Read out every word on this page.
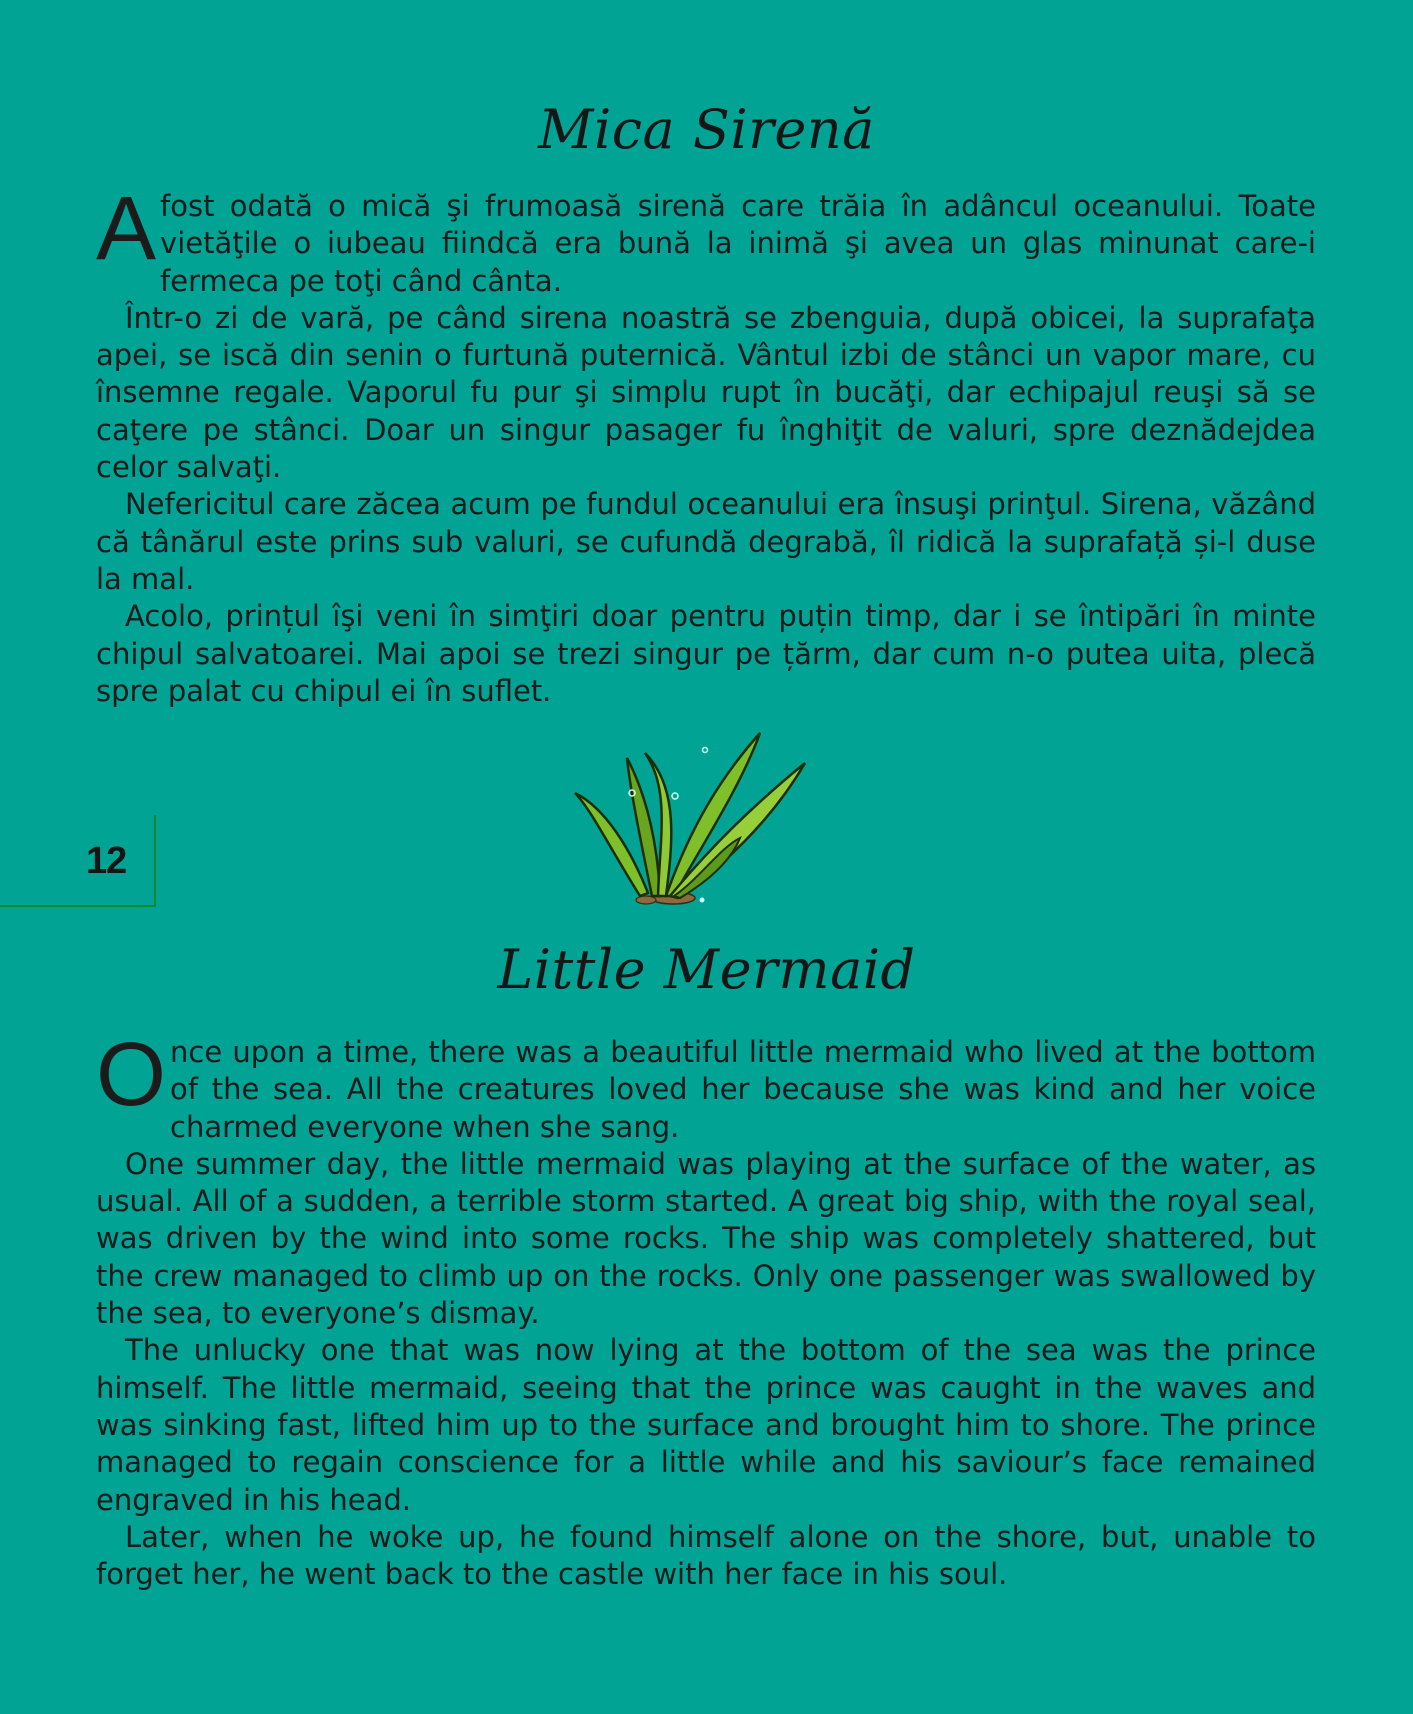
Mica Sirenă

A fost odată o mică şi frumoasă sirenă care trăia în adâncul oceanului. Toate vietăţile o iubeau fiindcă era bună la inimă şi avea un glas minunat care-i fermeca pe toţi când cânta.

Într-o zi de vară, pe când sirena noastră se zbenguia, după obicei, la suprafaţa apei, se iscă din senin o furtună puternică. Vântul izbi de stânci un vapor mare, cu însemne regale. Vaporul fu pur şi simplu rupt în bucăţi, dar echipajul reuşi să se caţere pe stânci. Doar un singur pasager fu înghiţit de valuri, spre deznădejdea celor salvaţi.

Nefericitul care zăcea acum pe fundul oceanului era însuşi prinţul. Sirena, văzând că tânărul este prins sub valuri, se cufundă degrabă, îl ridică la suprafață și-l duse la mal.

Acolo, prințul îşi veni în simţiri doar pentru puțin timp, dar i se întipări în minte chipul salvatoarei. Mai apoi se trezi singur pe țărm, dar cum n-o putea uita, plecă spre palat cu chipul ei în suflet.

12
Little Mermaid

Once upon a time, there was a beautiful little mermaid who lived at the bottom of the sea. All the creatures loved her because she was kind and her voice charmed everyone when she sang.

One summer day, the little mermaid was playing at the surface of the water, as usual. All of a sudden, a terrible storm started. A great big ship, with the royal seal, was driven by the wind into some rocks. The ship was completely shattered, but the crew managed to climb up on the rocks. Only one passenger was swallowed by the sea, to everyone’s dismay.

The unlucky one that was now lying at the bottom of the sea was the prince himself. The little mermaid, seeing that the prince was caught in the waves and was sinking fast, lifted him up to the surface and brought him to shore. The prince managed to regain conscience for a little while and his saviour’s face remained engraved in his head.

Later, when he woke up, he found himself alone on the shore, but, unable to forget her, he went back to the castle with her face in his soul.
